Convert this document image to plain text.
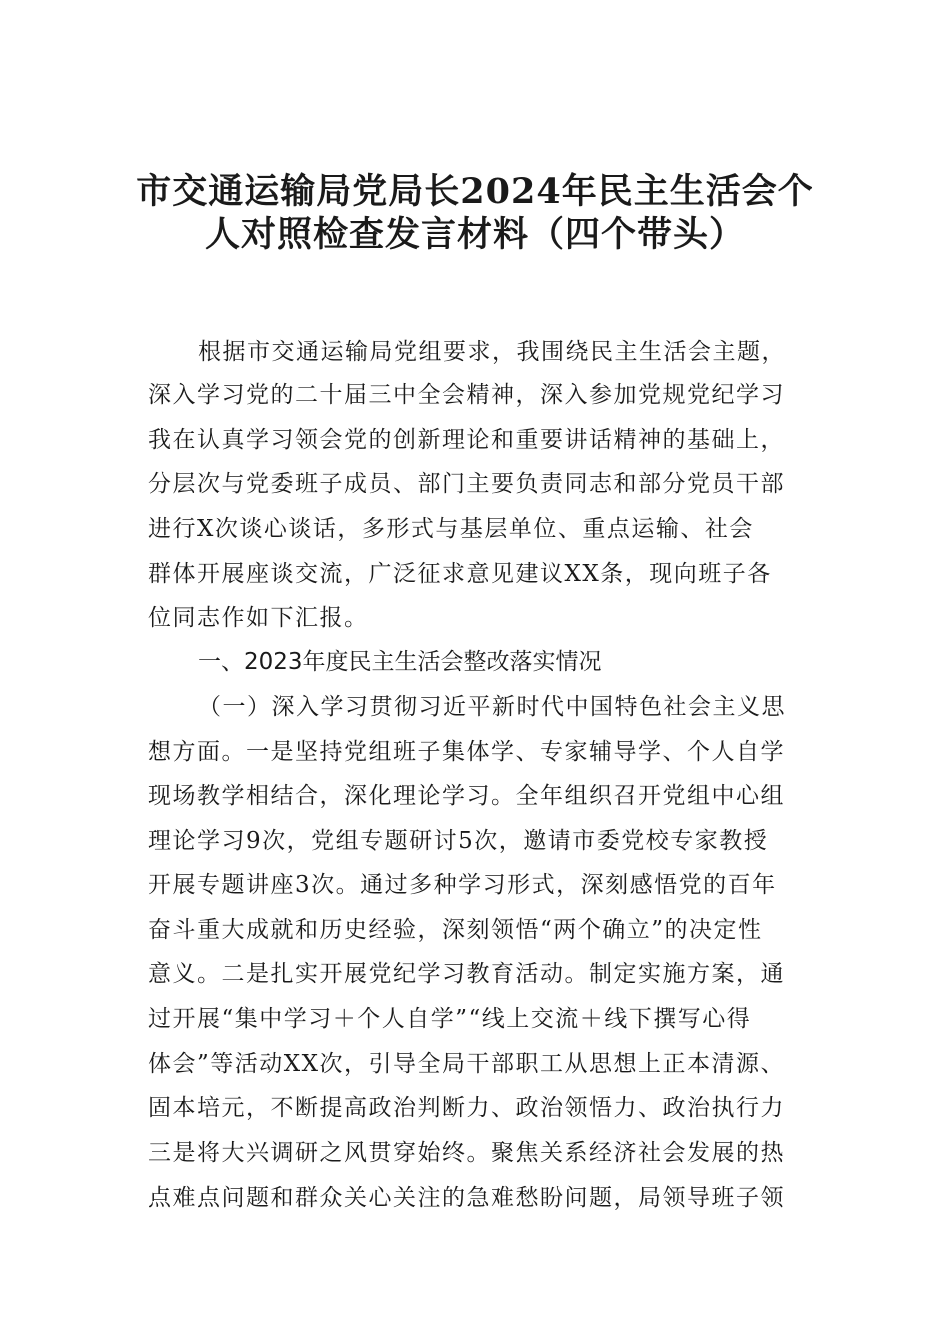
市交通运输局党局长2024年民主生活会个
人对照检查发言材料（四个带头）
根据市交通运输局党组要求，我围绕民主生活会主题，
深入学习党的二十届三中全会精神，深入参加党规党纪学习
我在认真学习领会党的创新理论和重要讲话精神的基础上，
分层次与党委班子成员、部门主要负责同志和部分党员干部
进行X次谈心谈话，多形式与基层单位、重点运输、社会
群体开展座谈交流，广泛征求意见建议XX条，现向班子各
位同志作如下汇报。
一、2023年度民主生活会整改落实情况
（一）深入学习贯彻习近平新时代中国特色社会主义思
想方面。一是坚持党组班子集体学、专家辅导学、个人自学
现场教学相结合，深化理论学习。全年组织召开党组中心组
理论学习9次，党组专题研讨5次，邀请市委党校专家教授
开展专题讲座3次。通过多种学习形式，深刻感悟党的百年
奋斗重大成就和历史经验，深刻领悟“两个确立”的决定性
意义。二是扎实开展党纪学习教育活动。制定实施方案，通
过开展“集中学习＋个人自学”“线上交流＋线下撰写心得
体会”等活动XX次，引导全局干部职工从思想上正本清源、
固本培元，不断提高政治判断力、政治领悟力、政治执行力
三是将大兴调研之风贯穿始终。聚焦关系经济社会发展的热
点难点问题和群众关心关注的急难愁盼问题，局领导班子领
